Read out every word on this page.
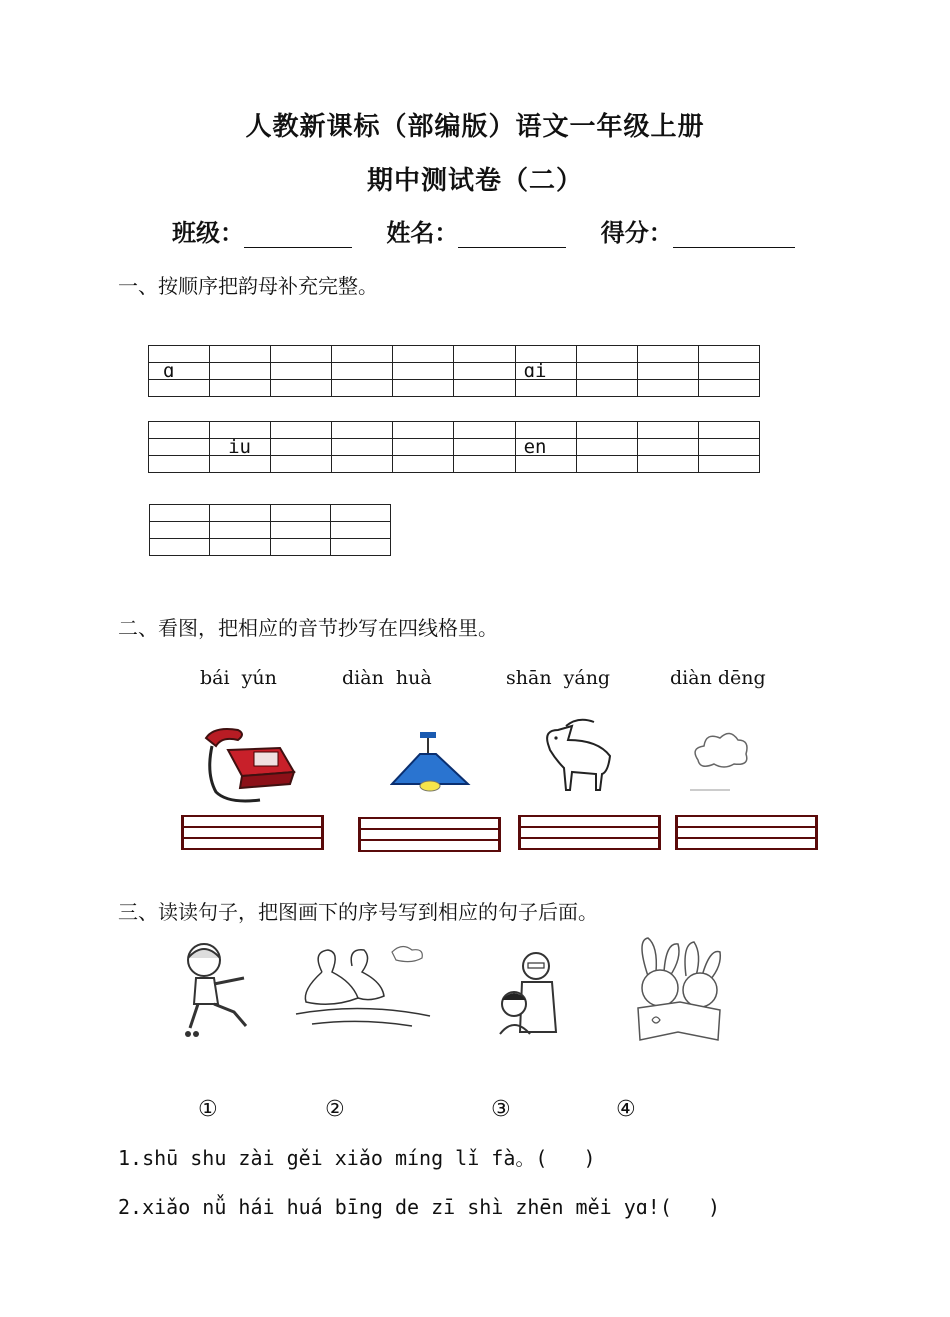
人教新课标（部编版）语文一年级上册
期中测试卷（二）
班级：	姓名：	得分：
一、按顺序把韵母补充完整。

ɑ						ɑi			

	iu					en			

二、看图，把相应的音节抄写在四线格里。
bái  yún	diàn  huà	shān  yáng	diàn dēng
三、读读句子，把图画下的序号写到相应的句子后面。
①	②	③	④
1.shū shu zài gěi xiǎo míng lǐ fà。(   )
2.xiǎo nǚ hái huá bīng de zī shì zhēn měi yɑ!(   )
